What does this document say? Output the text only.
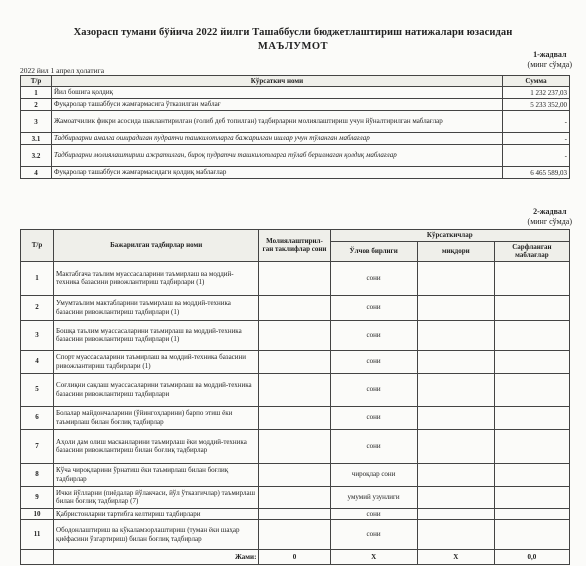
Хазорасп тумани бўйича 2022 йилги Ташаббусли бюджетлаштириш натижалари юзасидан
МАЪЛУМОТ
1-жадвал
(минг сўмда)
2022 йил 1 апрел ҳолатига
Т/р	Кўрсаткич номи	Сумма
1	Йил бошига қолдиқ	1 232 237,03
2	Фуқаролар ташаббуси жамғармасига ўтказилган маблағ	5 233 352,00
3	Жамоатчилик фикри асосида шаклантирилган (ғолиб деб топилган) тадбирларни молиялаштириш учун йўналтирилган маблағлар	-
3.1	Тадбирларни амалга оширадиган пудратчи ташкилотларга бажарилган ишлар учун тўланган маблағлар	-
3.2	Тадбирларни молиялаштириш ажратилган, бироқ пудратчи ташкилотларга тўлаб берилмаган қолдиқ маблағлар	-
4	Фуқаролар ташаббуси жамғармасидаги қолдиқ маблағлар	6 465 589,03
2-жадвал
(минг сўмда)
Т/р	Бажарилган тадбирлар номи	Молиялаштирил-ган таклифлар сони	Кўрсаткичлар		
			Ўлчов бирлиги	миқдори	Сарфланган маблағлар
1	Мактабгача таълим муассасаларини таъмирлаш ва моддий-техника базасини ривожлантириш тадбирлари (1)		сони		
2	Умумтаълим мактабларини таъмирлаш ва моддий-техника базасини ривожлантириш тадбирлари (1)		сони		
3	Бошқа таълим муассасаларини таъмирлаш ва моддий-техника базасини ривожлантириш тадбирлари (1)		сони		
4	Спорт муассасаларини таъмирлаш ва моддий-техника базасини ривожлантириш тадбирлари (1)		сони		
5	Соғлиқни сақлаш муассасаларини таъмирлаш ва моддий-техника базасини ривожлантириш тадбирлари		сони		
6	Болалар майдончаларини (ўйингоҳларини) барпо этиш ёки таъмирлаш билан боғлиқ тадбирлар		сони		
7	Аҳоли дам олиш масканларини таъмирлаш ёки моддий-техника базасини ривожлантириш билан боғлиқ тадбирлар		сони		
8	Кўча чироқларини ўрнатиш ёки таъмирлаш билан боғлиқ тадбирлар		чироқлар сони		
9	Ички йўлларни (пиёдалар йўлакчаси, йўл ўтказгичлар) таъмирлаш билан боғлиқ тадбирлар (7)		умумий узунлиги		
10	Қабристонларни тартибга келтириш тадбирлари		сони		
11	Ободонлаштириш ва кўкаламзорлаштириш (туман ёки шаҳар қиёфасини ўзгартириш) билан боғлиқ тадбирлар		сони		
	Жами:	0	X	X	0,0
